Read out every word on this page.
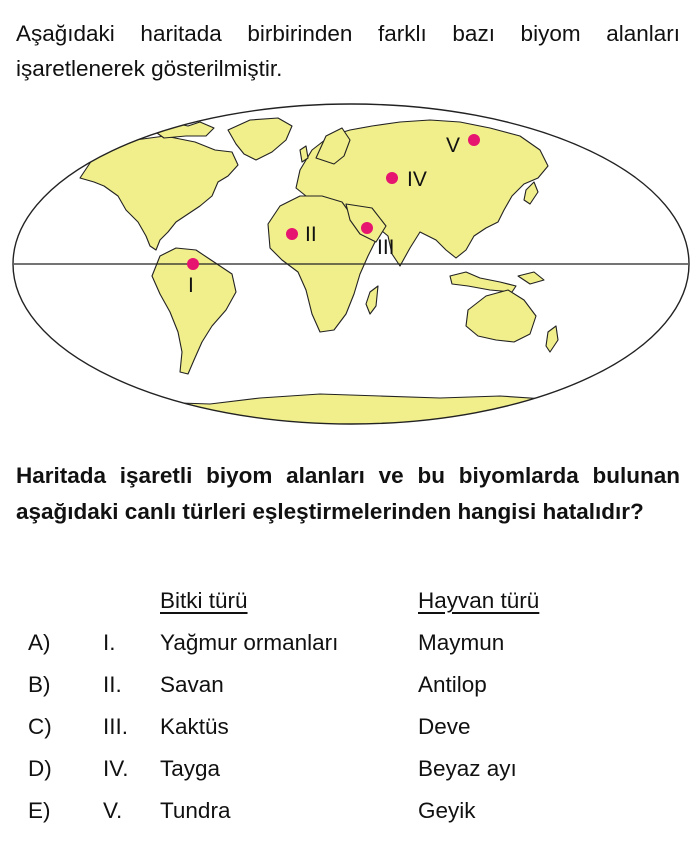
Aşağıdaki haritada birbirinden farklı bazı biyom alanları işaretlenerek gösterilmiştir.

I
II
III
IV
V

Haritada işaretli biyom alanları ve bu biyomlarda bulunan aşağıdaki canlı türleri eşleştirmelerinden hangisi hatalıdır?

Bitki türü	Hayvan türü
A) I. Yağmur ormanları	Maymun
B) II. Savan	Antilop
C) III. Kaktüs	Deve
D) IV. Tayga	Beyaz ayı
E) V. Tundra	Geyik
